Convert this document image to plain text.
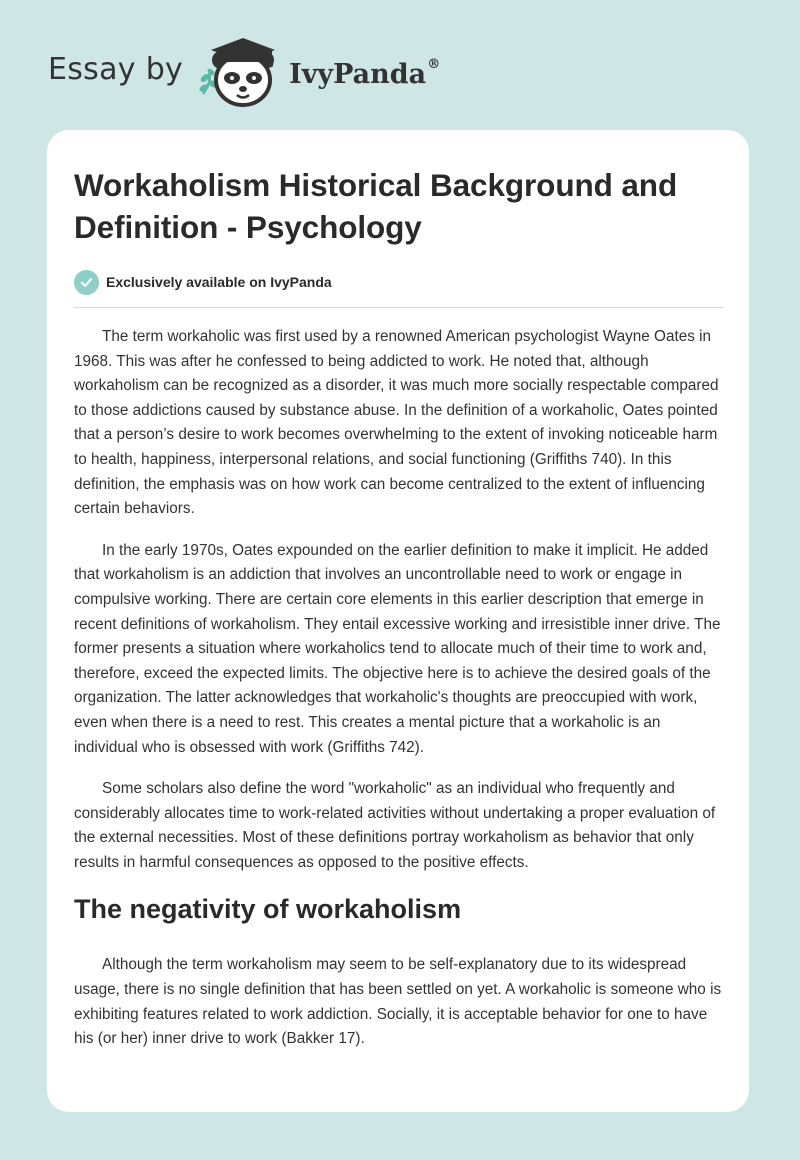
Essay by	IvyPanda®
Workaholism Historical Background and Definition - Psychology
Exclusively available on IvyPanda

The term workaholic was first used by a renowned American psychologist Wayne Oates in 1968. This was after he confessed to being addicted to work. He noted that, although workaholism can be recognized as a disorder, it was much more socially respectable compared to those addictions caused by substance abuse. In the definition of a workaholic, Oates pointed that a person’s desire to work becomes overwhelming to the extent of invoking noticeable harm to health, happiness, interpersonal relations, and social functioning (Griffiths 740). In this definition, the emphasis was on how work can become centralized to the extent of influencing certain behaviors.

In the early 1970s, Oates expounded on the earlier definition to make it implicit. He added that workaholism is an addiction that involves an uncontrollable need to work or engage in compulsive working. There are certain core elements in this earlier description that emerge in recent definitions of workaholism. They entail excessive working and irresistible inner drive. The former presents a situation where workaholics tend to allocate much of their time to work and, therefore, exceed the expected limits. The objective here is to achieve the desired goals of the organization. The latter acknowledges that workaholic's thoughts are preoccupied with work, even when there is a need to rest. This creates a mental picture that a workaholic is an individual who is obsessed with work (Griffiths 742).

Some scholars also define the word "workaholic" as an individual who frequently and considerably allocates time to work-related activities without undertaking a proper evaluation of the external necessities. Most of these definitions portray workaholism as behavior that only results in harmful consequences as opposed to the positive effects.

The negativity of workaholism

Although the term workaholism may seem to be self-explanatory due to its widespread usage, there is no single definition that has been settled on yet. A workaholic is someone who is exhibiting features related to work addiction. Socially, it is acceptable behavior for one to have his (or her) inner drive to work (Bakker 17).
